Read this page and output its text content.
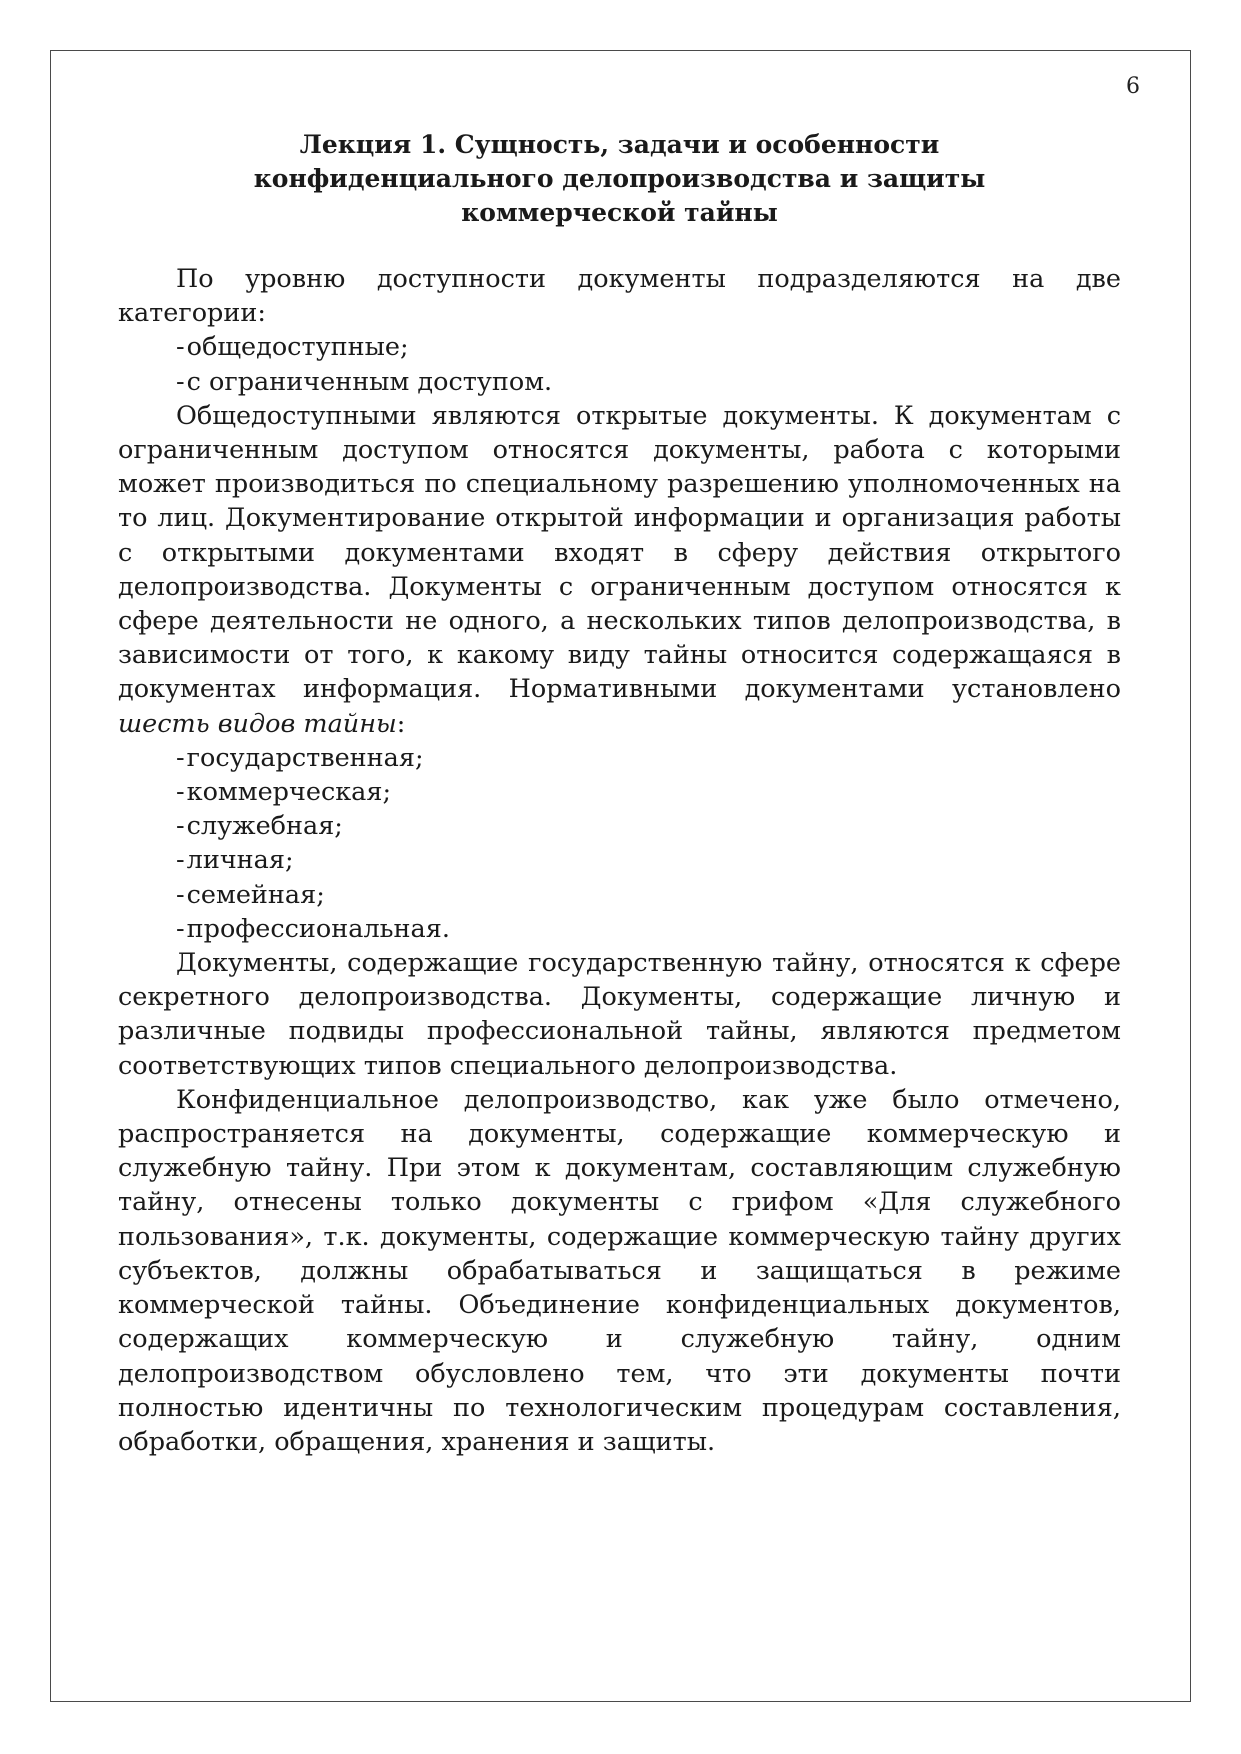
6
Лекция 1. Сущность, задачи и особенности
конфиденциального делопроизводства и защиты
коммерческой тайны

По уровню доступности документы подразделяются на две категории:

-общедоступные;
-с ограниченным доступом.

Общедоступными являются открытые документы. К документам с ограниченным доступом относятся документы, работа с которыми может производиться по специальному разрешению уполномоченных на то лиц. Документирование открытой информации и организация работы с открытыми документами входят в сферу действия открытого делопроизводства. Документы с ограниченным доступом относятся к сфере деятельности не одного, а нескольких типов делопроизводства, в зависимости от того, к какому виду тайны относится содержащаяся в документах информация. Нормативными документами установлено шесть видов тайны:

-государственная;
-коммерческая;
-служебная;
-личная;
-семейная;
-профессиональная.

Документы, содержащие государственную тайну, относятся к сфере секретного делопроизводства. Документы, содержащие личную и различные подвиды профессиональной тайны, являются предметом соответствующих типов специального делопроизводства.

Конфиденциальное делопроизводство, как уже было отмечено, распространяется на документы, содержащие коммерческую и служебную тайну. При этом к документам, составляющим служебную тайну, отнесены только документы с грифом «Для служебного пользования», т.к. документы, содержащие коммерческую тайну других субъектов, должны обрабатываться и защищаться в режиме коммерческой тайны. Объединение конфиденциальных документов, содержащих коммерческую и служебную тайну, одним делопроизводством обусловлено тем, что эти документы почти полностью идентичны по технологическим процедурам составления, обработки, обращения, хранения и защиты.
